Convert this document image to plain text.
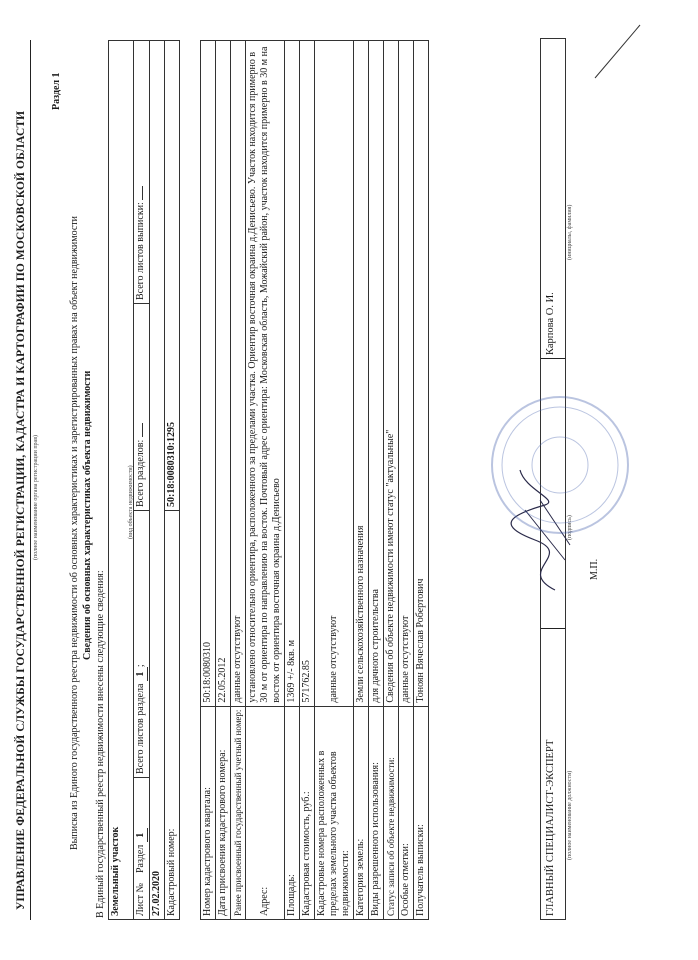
УПРАВЛЕНИЕ ФЕДЕРАЛЬНОЙ СЛУЖБЫ ГОСУДАРСТВЕННОЙ РЕГИСТРАЦИИ, КАДАСТРА И КАРТОГРАФИИ ПО МОСКОВСКОЙ ОБЛАСТИ (полное наименование органа регистрации прав)
Раздел 1
Выписка из Единого государственного реестра недвижимости об основных характеристиках и зарегистрированных правах на объект недвижимости Сведения об основных характеристиках объекта недвижимости
В Единый государственный реестр недвижимости внесены следующие сведения: Земельный участок
(вид объекта недвижимости)			

Лист №    Раздел 1	Всего листов раздела 1;	Всего разделов:	Всего листов выписки:
27.02.2020			
Кадастровый номер:		50:18:0080310:1295	
Номер кадастрового квартала:	50:18:0080310
Дата присвоения кадастрового номера:	22.05.2012
Ранее присвоенный государственный учетный номер:	данные отсутствуют
Адрес:	установлено относительно ориентира, расположенного за пределами участка. Ориентир восточная окраина д.Денисьево. Участок находится примерно в 30 м от ориентира по направлению на восток. Почтовый адрес ориентира: Московская область, Можайский район, участок находится примерно в 30 м на восток от ориентира восточная окраина д.Денисьево
Площадь:	1369 +/- 8кв. м
Кадастровая стоимость, руб.:	571762.85
Кадастровые номера расположенных в пределах земельного участка объектов недвижимости:	данные отсутствуют
Категория земель:	Земли сельскохозяйственного назначения
Виды разрешенного использования:	для дачного строительства
Статус записи об объекте недвижимости:	Сведения об объекте недвижимости имеют статус "актуальные"
Особые отметки:	данные отсутствуют
Получатель выписки:	Тоноян Вячеслав Робертович
ГЛАВНЫЙ СПЕЦИАЛИСТ-ЭКСПЕРТ
Карпова О. И.
(полное наименование должности)
(подпись)
(инициалы, фамилия)
М.П.
